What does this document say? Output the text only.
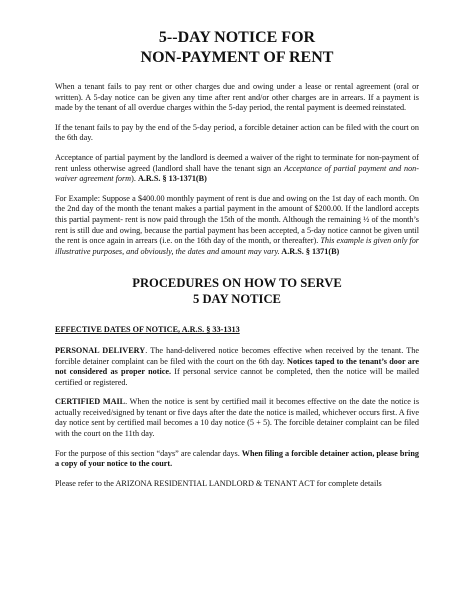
5--DAY NOTICE FOR

NON-PAYMENT OF RENT

When a tenant fails to pay rent or other charges due and owing under a lease or rental agreement (oral or written). A 5-day notice can be given any time after rent and/or other charges are in arrears. If a payment is made by the tenant of all overdue charges within the 5-day period, the rental payment is deemed reinstated.

If the tenant fails to pay by the end of the 5-day period, a forcible detainer action can be filed with the court on the 6th day.

Acceptance of partial payment by the landlord is deemed a waiver of the right to terminate for non-payment of rent unless otherwise agreed (landlord shall have the tenant sign an Acceptance of partial payment and non-waiver agreement form). A.R.S. § 13-1371(B)

For Example: Suppose a $400.00 monthly payment of rent is due and owing on the 1st day of each month. On the 2nd day of the month the tenant makes a partial payment in the amount of $200.00. If the landlord accepts this partial payment- rent is now paid through the 15th of the month. Although the remaining ½ of the month’s rent is still due and owing, because the partial payment has been accepted, a 5-day notice cannot be given until the rent is once again in arrears (i.e. on the 16th day of the month, or thereafter). This example is given only for illustrative purposes, and obviously, the dates and amount may vary. A.R.S. § 1371(B)

PROCEDURES ON HOW TO SERVE

5 DAY NOTICE

EFFECTIVE DATES OF NOTICE, A.R.S. § 33-1313

PERSONAL DELIVERY. The hand-delivered notice becomes effective when received by the tenant. The forcible detainer complaint can be filed with the court on the 6th day. Notices taped to the tenant’s door are not considered as proper notice. If personal service cannot be completed, then the notice will be mailed certified or registered.

CERTIFIED MAIL. When the notice is sent by certified mail it becomes effective on the date the notice is actually received/signed by tenant or five days after the date the notice is mailed, whichever occurs first. A five day notice sent by certified mail becomes a 10 day notice (5 + 5). The forcible detainer complaint can be filed with the court on the 11th day.

For the purpose of this section “days” are calendar days. When filing a forcible detainer action, please bring a copy of your notice to the court.

Please refer to the ARIZONA RESIDENTIAL LANDLORD & TENANT ACT for complete details
